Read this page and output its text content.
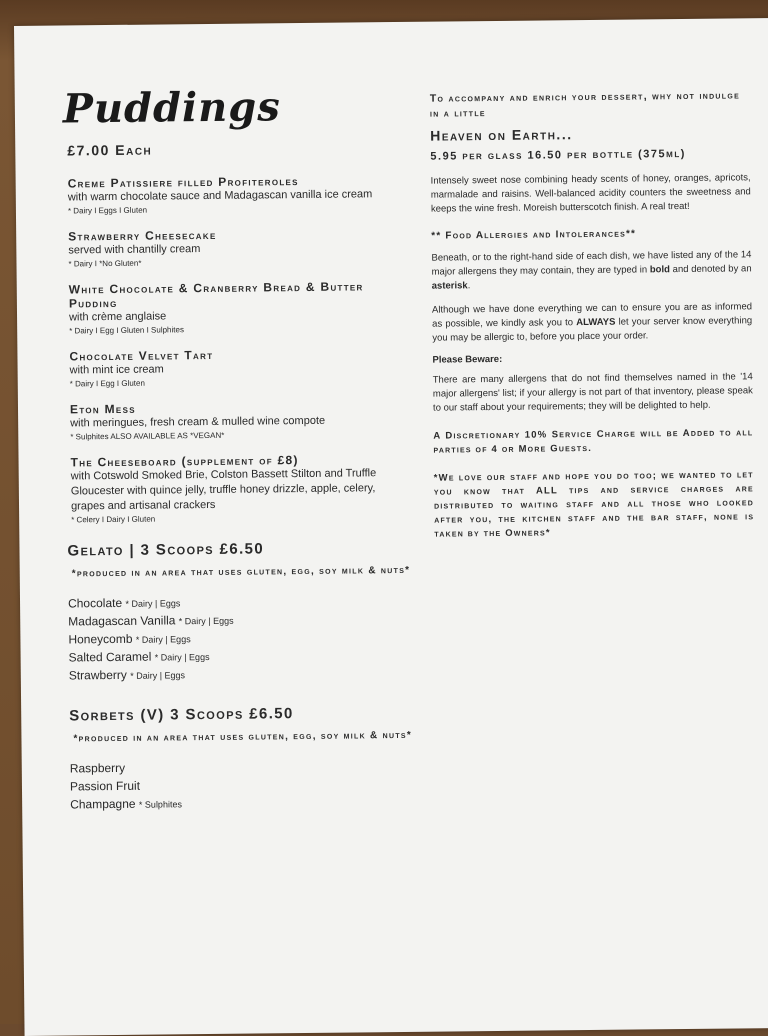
Puddings
£7.00 Each
Creme Patissiere filled Profiteroles
with warm chocolate sauce and Madagascan vanilla ice cream
* Dairy I Eggs I Gluten
Strawberry Cheesecake
served with chantilly cream
* Dairy I *No Gluten*
White Chocolate & Cranberry Bread & Butter Pudding
with crème anglaise
* Dairy I Egg I Gluten I Sulphites
Chocolate Velvet Tart
with mint ice cream
* Dairy I Egg I Gluten
Eton Mess
with meringues, fresh cream & mulled wine compote
* Sulphites ALSO AVAILABLE AS *VEGAN*
The Cheeseboard (supplement of £8)
with Cotswold Smoked Brie, Colston Bassett Stilton and Truffle Gloucester with quince jelly, truffle honey drizzle, apple, celery, grapes and artisanal crackers
* Celery I Dairy I Gluten
Gelato | 3 Scoops £6.50
*produced in an area that uses gluten, egg, soy milk & nuts*
Chocolate * Dairy | Eggs
Madagascan Vanilla * Dairy | Eggs
Honeycomb * Dairy | Eggs
Salted Caramel * Dairy | Eggs
Strawberry * Dairy | Eggs
Sorbets (V) 3 Scoops £6.50
*produced in an area that uses gluten, egg, soy milk & nuts*
Raspberry
Passion Fruit
Champagne * Sulphites
To accompany and enrich your dessert, why not indulge in a little
Heaven on Earth...
5.95 per glass 16.50 per bottle (375ml)
Intensely sweet nose combining heady scents of honey, oranges, apricots, marmalade and raisins. Well-balanced acidity counters the sweetness and keeps the wine fresh. Moreish butterscotch finish. A real treat!
** Food Allergies and Intolerances**
Beneath, or to the right-hand side of each dish, we have listed any of the 14 major allergens they may contain, they are typed in bold and denoted by an asterisk.
Although we have done everything we can to ensure you are as informed as possible, we kindly ask you to ALWAYS let your server know everything you may be allergic to, before you place your order.
Please Beware:
There are many allergens that do not find themselves named in the '14 major allergens' list; if your allergy is not part of that inventory, please speak to our staff about your requirements; they will be delighted to help.
A Discretionary 10% Service Charge will be Added to all parties of 4 or More Guests.
*We love our staff and hope you do too; we wanted to let you know that ALL tips and service charges are distributed to waiting staff and all those who looked after you, the kitchen staff and the bar staff, none is taken by the Owners*
